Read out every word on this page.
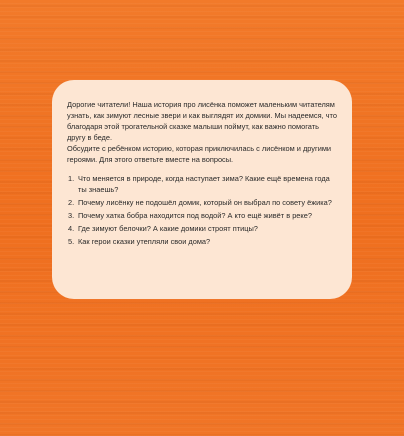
Дорогие читатели! Наша история про лисёнка поможет маленьким читателям узнать, как зимуют лесные звери и как выглядят их домики. Мы надеемся, что благодаря этой трогательной сказке малыши поймут, как важно помогать другу в беде.

Обсудите с ребёнком историю, которая приключилась с лисёнком и другими героями. Для этого ответьте вместе на вопросы.

1. Что меняется в природе, когда наступает зима? Какие ещё времена года ты знаешь?
2. Почему лисёнку не подошёл домик, который он выбрал по совету ёжика?
3. Почему хатка бобра находится под водой? А кто ещё живёт в реке?
4. Где зимуют белочки? А какие домики строят птицы?
5. Как герои сказки утепляли свои дома?
